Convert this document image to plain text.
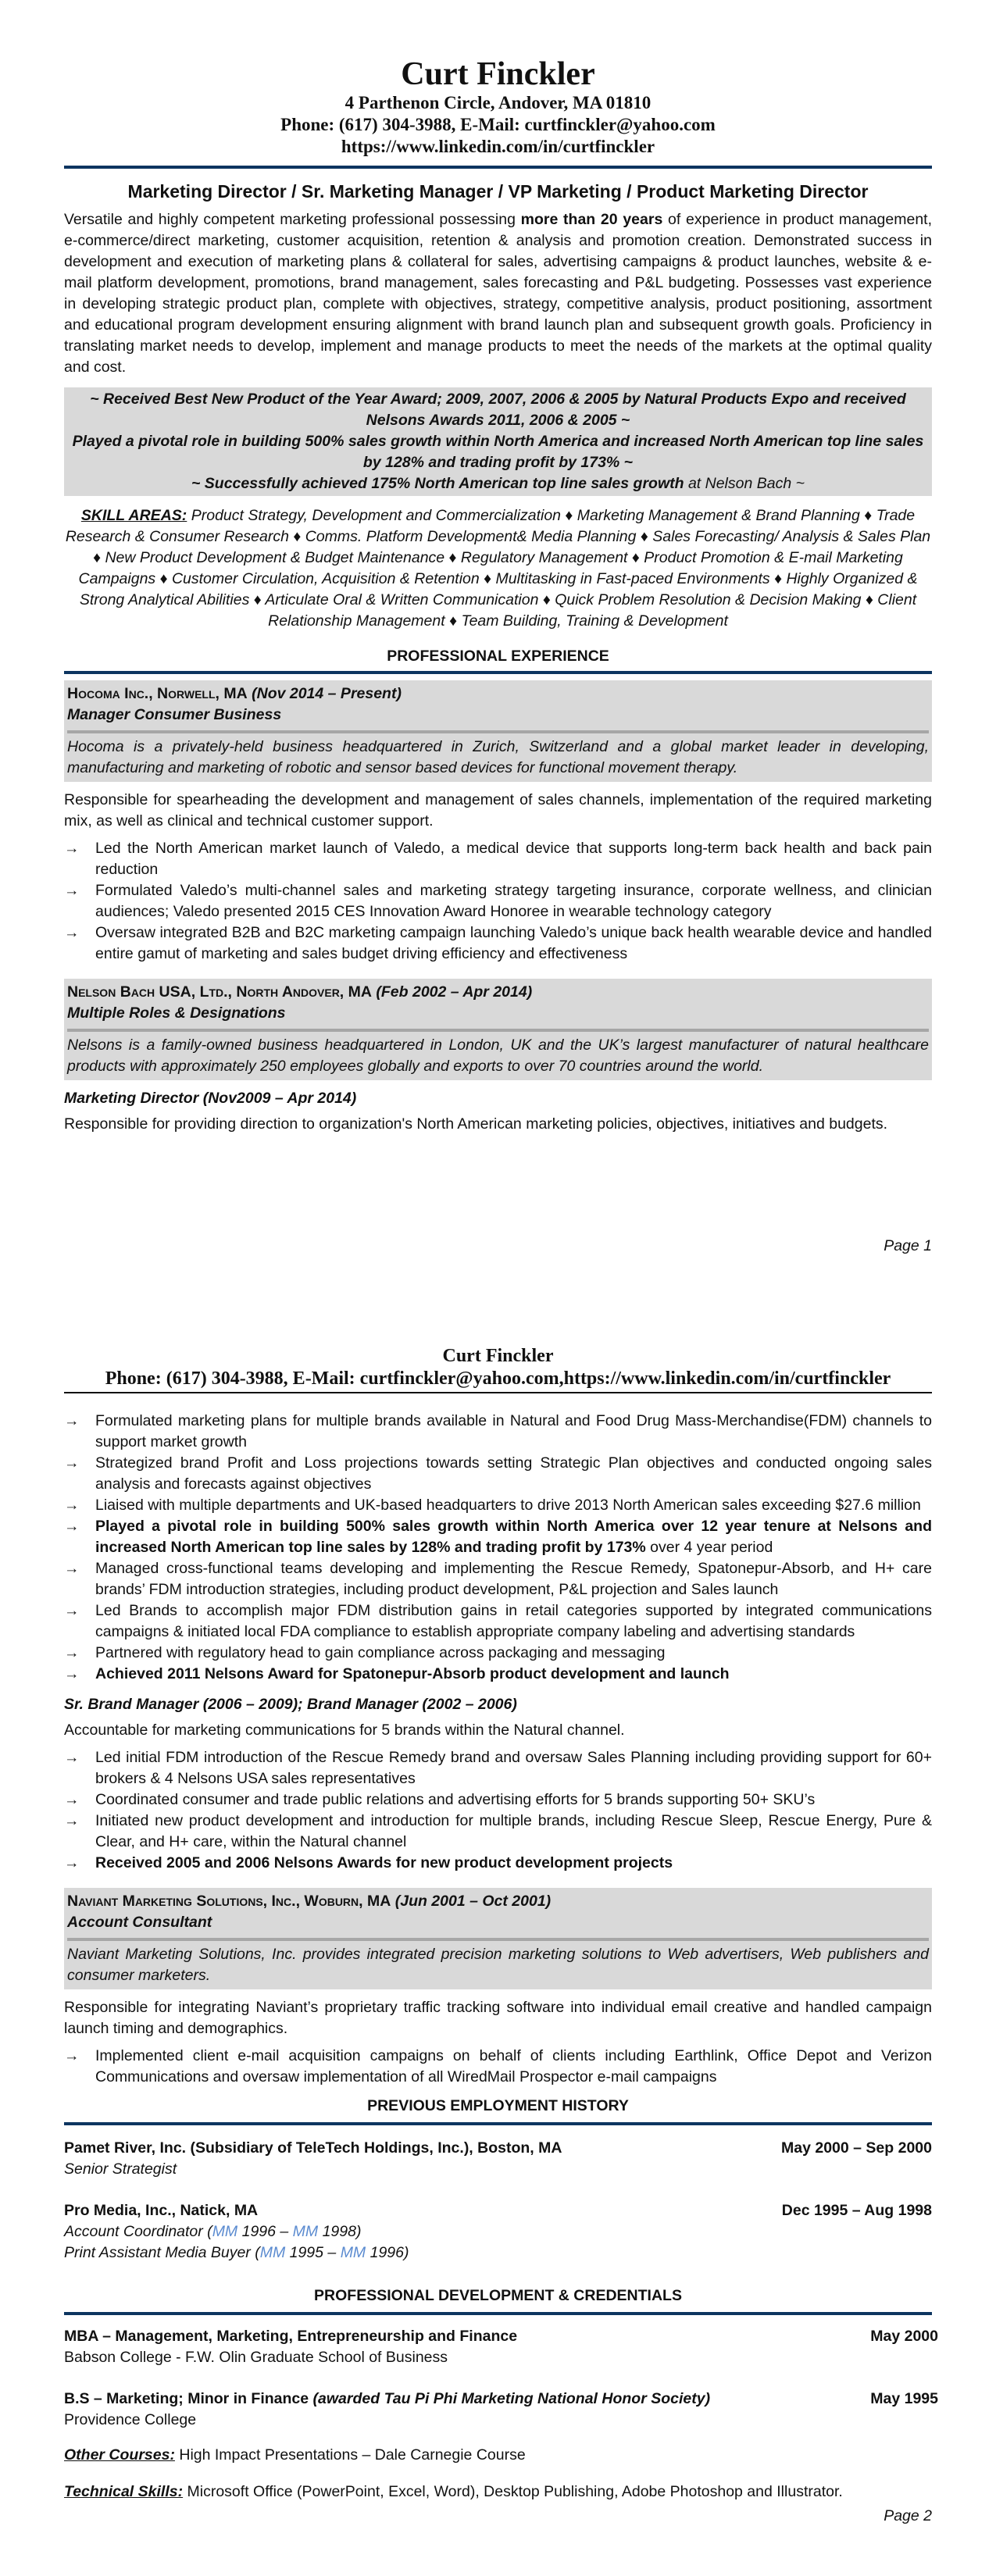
Curt Finckler
4 Parthenon Circle, Andover, MA 01810
Phone: (617) 304-3988, E-Mail: curtfinckler@yahoo.com
https://www.linkedin.com/in/curtfinckler
Marketing Director / Sr. Marketing Manager / VP Marketing / Product Marketing Director
Versatile and highly competent marketing professional possessing more than 20 years of experience in product management, e-commerce/direct marketing, customer acquisition, retention & analysis and promotion creation. Demonstrated success in development and execution of marketing plans & collateral for sales, advertising campaigns & product launches, website & e-mail platform development, promotions, brand management, sales forecasting and P&L budgeting. Possesses vast experience in developing strategic product plan, complete with objectives, strategy, competitive analysis, product positioning, assortment and educational program development ensuring alignment with brand launch plan and subsequent growth goals. Proficiency in translating market needs to develop, implement and manage products to meet the needs of the markets at the optimal quality and cost.
~ Received Best New Product of the Year Award; 2009, 2007, 2006 & 2005 by Natural Products Expo and received Nelsons Awards 2011, 2006 & 2005 ~
Played a pivotal role in building 500% sales growth within North America and increased North American top line sales by 128% and trading profit by 173% ~
~ Successfully achieved 175% North American top line sales growth at Nelson Bach ~
SKILL AREAS: Product Strategy, Development and Commercialization ♦ Marketing Management & Brand Planning ♦ Trade Research & Consumer Research ♦ Comms. Platform Development& Media Planning ♦ Sales Forecasting/ Analysis & Sales Plan ♦ New Product Development & Budget Maintenance ♦ Regulatory Management ♦ Product Promotion & E-mail Marketing Campaigns ♦ Customer Circulation, Acquisition & Retention ♦ Multitasking in Fast-paced Environments ♦ Highly Organized & Strong Analytical Abilities ♦ Articulate Oral & Written Communication ♦ Quick Problem Resolution & Decision Making ♦ Client Relationship Management ♦ Team Building, Training & Development
PROFESSIONAL EXPERIENCE
Hocoma Inc., Norwell, MA (Nov 2014 – Present)
Manager Consumer Business
Hocoma is a privately-held business headquartered in Zurich, Switzerland and a global market leader in developing, manufacturing and marketing of robotic and sensor based devices for functional movement therapy.
Responsible for spearheading the development and management of sales channels, implementation of the required marketing mix, as well as clinical and technical customer support.
→ Led the North American market launch of Valedo, a medical device that supports long-term back health and back pain reduction
→ Formulated Valedo’s multi-channel sales and marketing strategy targeting insurance, corporate wellness, and clinician audiences; Valedo presented 2015 CES Innovation Award Honoree in wearable technology category
→ Oversaw integrated B2B and B2C marketing campaign launching Valedo’s unique back health wearable device and handled entire gamut of marketing and sales budget driving efficiency and effectiveness
Nelson Bach USA, Ltd., North Andover, MA (Feb 2002 – Apr 2014)
Multiple Roles & Designations
Nelsons is a family-owned business headquartered in London, UK and the UK’s largest manufacturer of natural healthcare products with approximately 250 employees globally and exports to over 70 countries around the world.
Marketing Director (Nov2009 – Apr 2014)
Responsible for providing direction to organization's North American marketing policies, objectives, initiatives and budgets.
Page 1
Curt Finckler
Phone: (617) 304-3988, E-Mail: curtfinckler@yahoo.com,https://www.linkedin.com/in/curtfinckler
→ Formulated marketing plans for multiple brands available in Natural and Food Drug Mass-Merchandise(FDM) channels to support market growth
→ Strategized brand Profit and Loss projections towards setting Strategic Plan objectives and conducted ongoing sales analysis and forecasts against objectives
→ Liaised with multiple departments and UK-based headquarters to drive 2013 North American sales exceeding $27.6 million
→ Played a pivotal role in building 500% sales growth within North America over 12 year tenure at Nelsons and increased North American top line sales by 128% and trading profit by 173% over 4 year period
→ Managed cross-functional teams developing and implementing the Rescue Remedy, Spatonepur-Absorb, and H+ care brands’ FDM introduction strategies, including product development, P&L projection and Sales launch
→ Led Brands to accomplish major FDM distribution gains in retail categories supported by integrated communications campaigns & initiated local FDA compliance to establish appropriate company labeling and advertising standards
→ Partnered with regulatory head to gain compliance across packaging and messaging
→ Achieved 2011 Nelsons Award for Spatonepur-Absorb product development and launch
Sr. Brand Manager (2006 – 2009); Brand Manager (2002 – 2006)
Accountable for marketing communications for 5 brands within the Natural channel.
→ Led initial FDM introduction of the Rescue Remedy brand and oversaw Sales Planning including providing support for 60+ brokers & 4 Nelsons USA sales representatives
→ Coordinated consumer and trade public relations and advertising efforts for 5 brands supporting 50+ SKU’s
→ Initiated new product development and introduction for multiple brands, including Rescue Sleep, Rescue Energy, Pure & Clear, and H+ care, within the Natural channel
→ Received 2005 and 2006 Nelsons Awards for new product development projects
Naviant Marketing Solutions, Inc., Woburn, MA (Jun 2001 – Oct 2001)
Account Consultant
Naviant Marketing Solutions, Inc. provides integrated precision marketing solutions to Web advertisers, Web publishers and consumer marketers.
Responsible for integrating Naviant’s proprietary traffic tracking software into individual email creative and handled campaign launch timing and demographics.
→ Implemented client e-mail acquisition campaigns on behalf of clients including Earthlink, Office Depot and Verizon Communications and oversaw implementation of all WiredMail Prospector e-mail campaigns
PREVIOUS EMPLOYMENT HISTORY
Pamet River, Inc. (Subsidiary of TeleTech Holdings, Inc.), Boston, MA	May 2000 – Sep 2000
Senior Strategist
Pro Media, Inc., Natick, MA	Dec 1995 – Aug 1998
Account Coordinator (MM 1996 – MM 1998)
Print Assistant Media Buyer (MM 1995 – MM 1996)
PROFESSIONAL DEVELOPMENT & CREDENTIALS
MBA – Management, Marketing, Entrepreneurship and Finance	May 2000
Babson College - F.W. Olin Graduate School of Business
B.S – Marketing; Minor in Finance (awarded Tau Pi Phi Marketing National Honor Society)	May 1995
Providence College
Other Courses: High Impact Presentations – Dale Carnegie Course
Technical Skills: Microsoft Office (PowerPoint, Excel, Word), Desktop Publishing, Adobe Photoshop and Illustrator.
Page 2
